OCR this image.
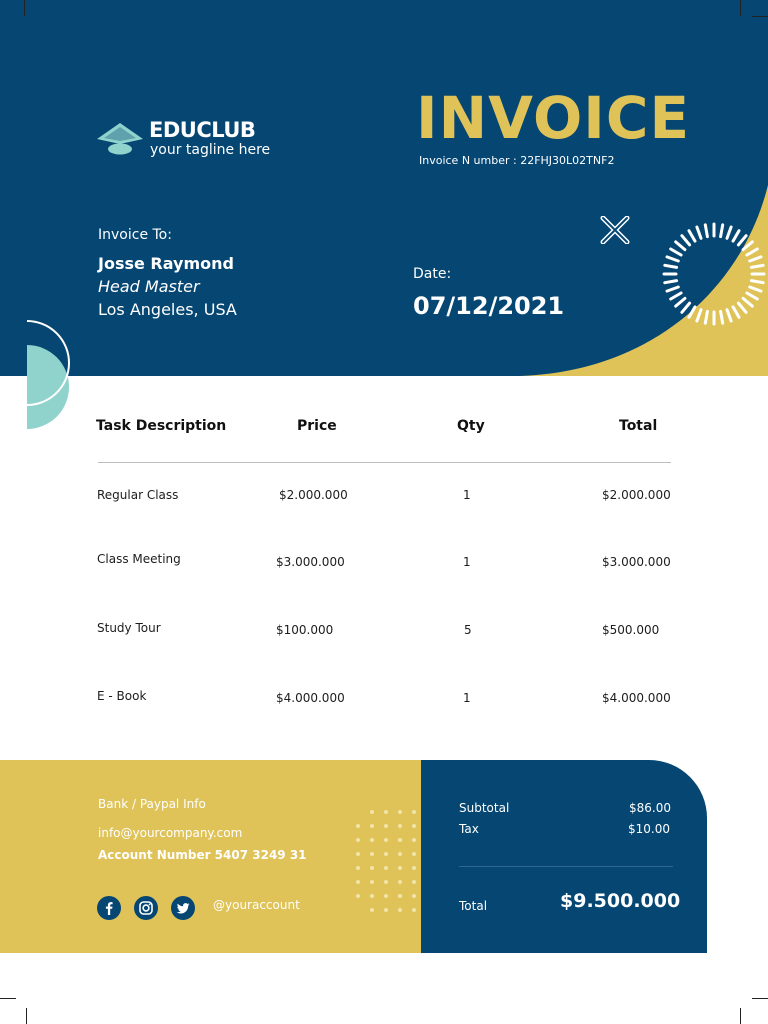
EDUCLUB
your tagline here	INVOICE
Invoice N umber : 22FHJ30L02TNF2
Invoice To:
Josse Raymond
Head Master
Los Angeles, USA
Date:
07/12/2021
Task Description	Price	Qty	Total
Regular Class	$2.000.000	1	$2.000.000
Class Meeting	$3.000.000	1	$3.000.000
Study Tour	$100.000	5	$500.000
E - Book	$4.000.000	1	$4.000.000
Bank / Paypal Info
info@yourcompany.com
Account Number 5407 3249 31
@youraccount
Subtotal	$86.00
Tax	$10.00
Total	$9.500.000
